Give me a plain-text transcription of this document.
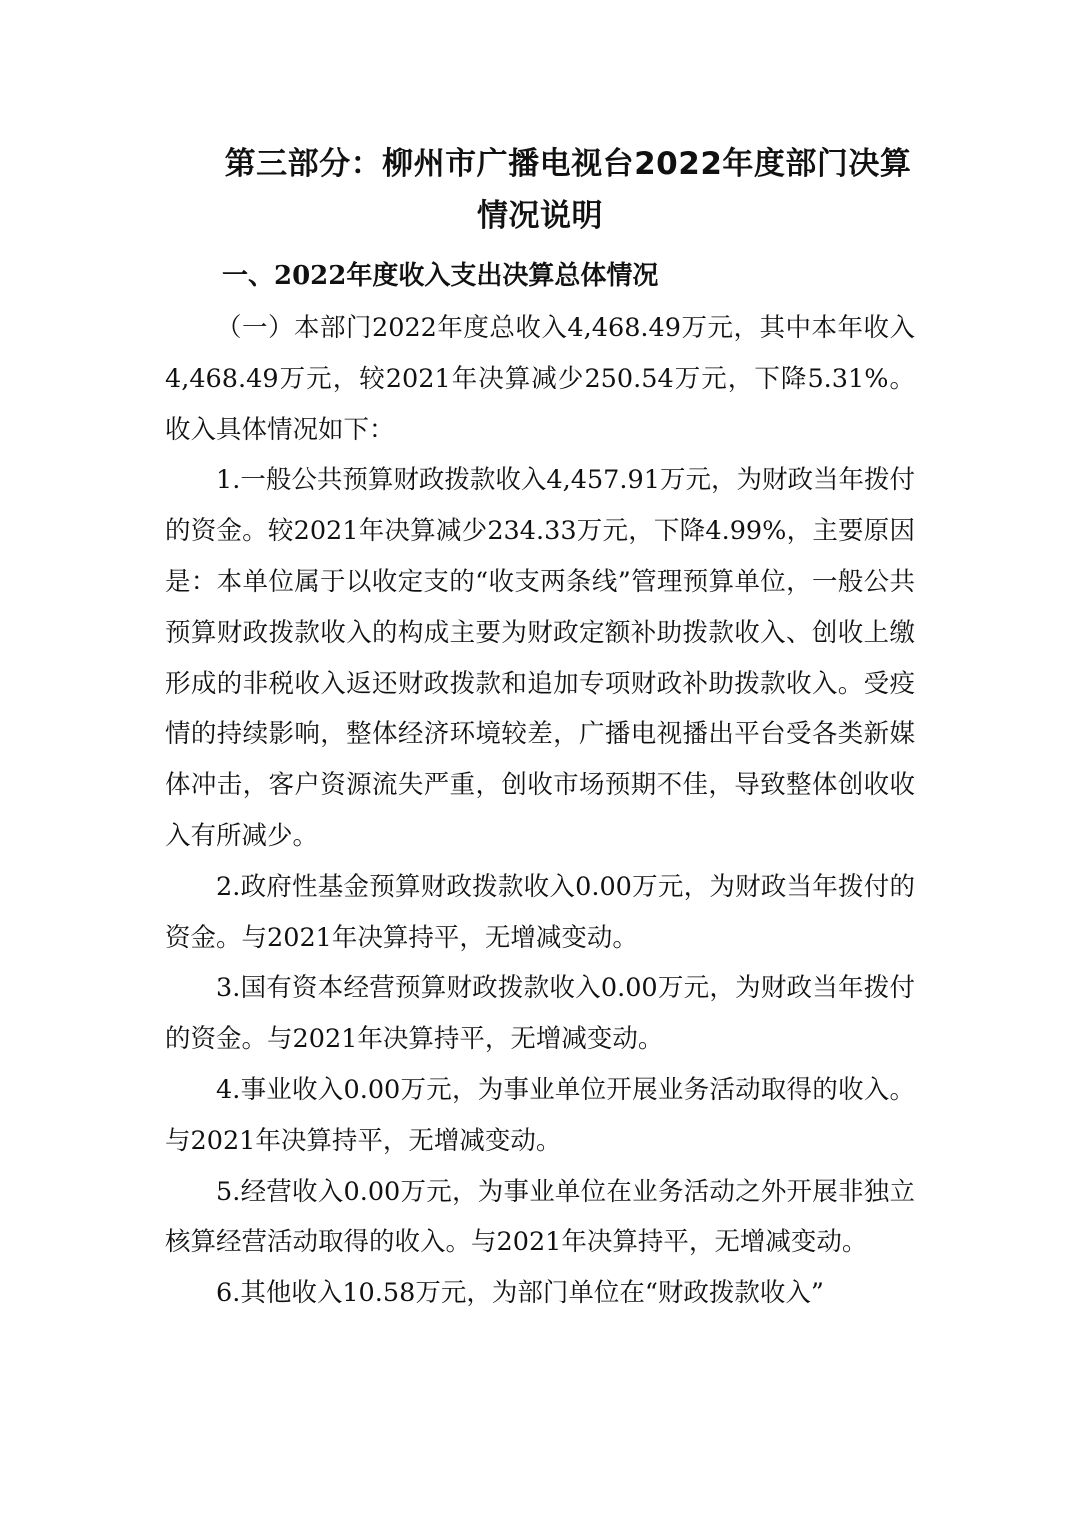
第三部分：柳州市广播电视台2022年度部门决算
情况说明
一、2022年度收入支出决算总体情况

（一）本部门2022年度总收入4,468.49万元，其中本年收入4,468.49万元，较2021年决算减少250.54万元，下降5.31%。收入具体情况如下：

1.一般公共预算财政拨款收入4,457.91万元，为财政当年拨付的资金。较2021年决算减少234.33万元，下降4.99%，主要原因是：本单位属于以收定支的“收支两条线”管理预算单位，一般公共预算财政拨款收入的构成主要为财政定额补助拨款收入、创收上缴形成的非税收入返还财政拨款和追加专项财政补助拨款收入。受疫情的持续影响，整体经济环境较差，广播电视播出平台受各类新媒体冲击，客户资源流失严重，创收市场预期不佳，导致整体创收收入有所减少。

2.政府性基金预算财政拨款收入0.00万元，为财政当年拨付的资金。与2021年决算持平，无增减变动。

3.国有资本经营预算财政拨款收入0.00万元，为财政当年拨付的资金。与2021年决算持平，无增减变动。

4.事业收入0.00万元，为事业单位开展业务活动取得的收入。与2021年决算持平，无增减变动。

5.经营收入0.00万元，为事业单位在业务活动之外开展非独立核算经营活动取得的收入。与2021年决算持平，无增减变动。

6.其他收入10.58万元，为部门单位在“财政拨款收入”
